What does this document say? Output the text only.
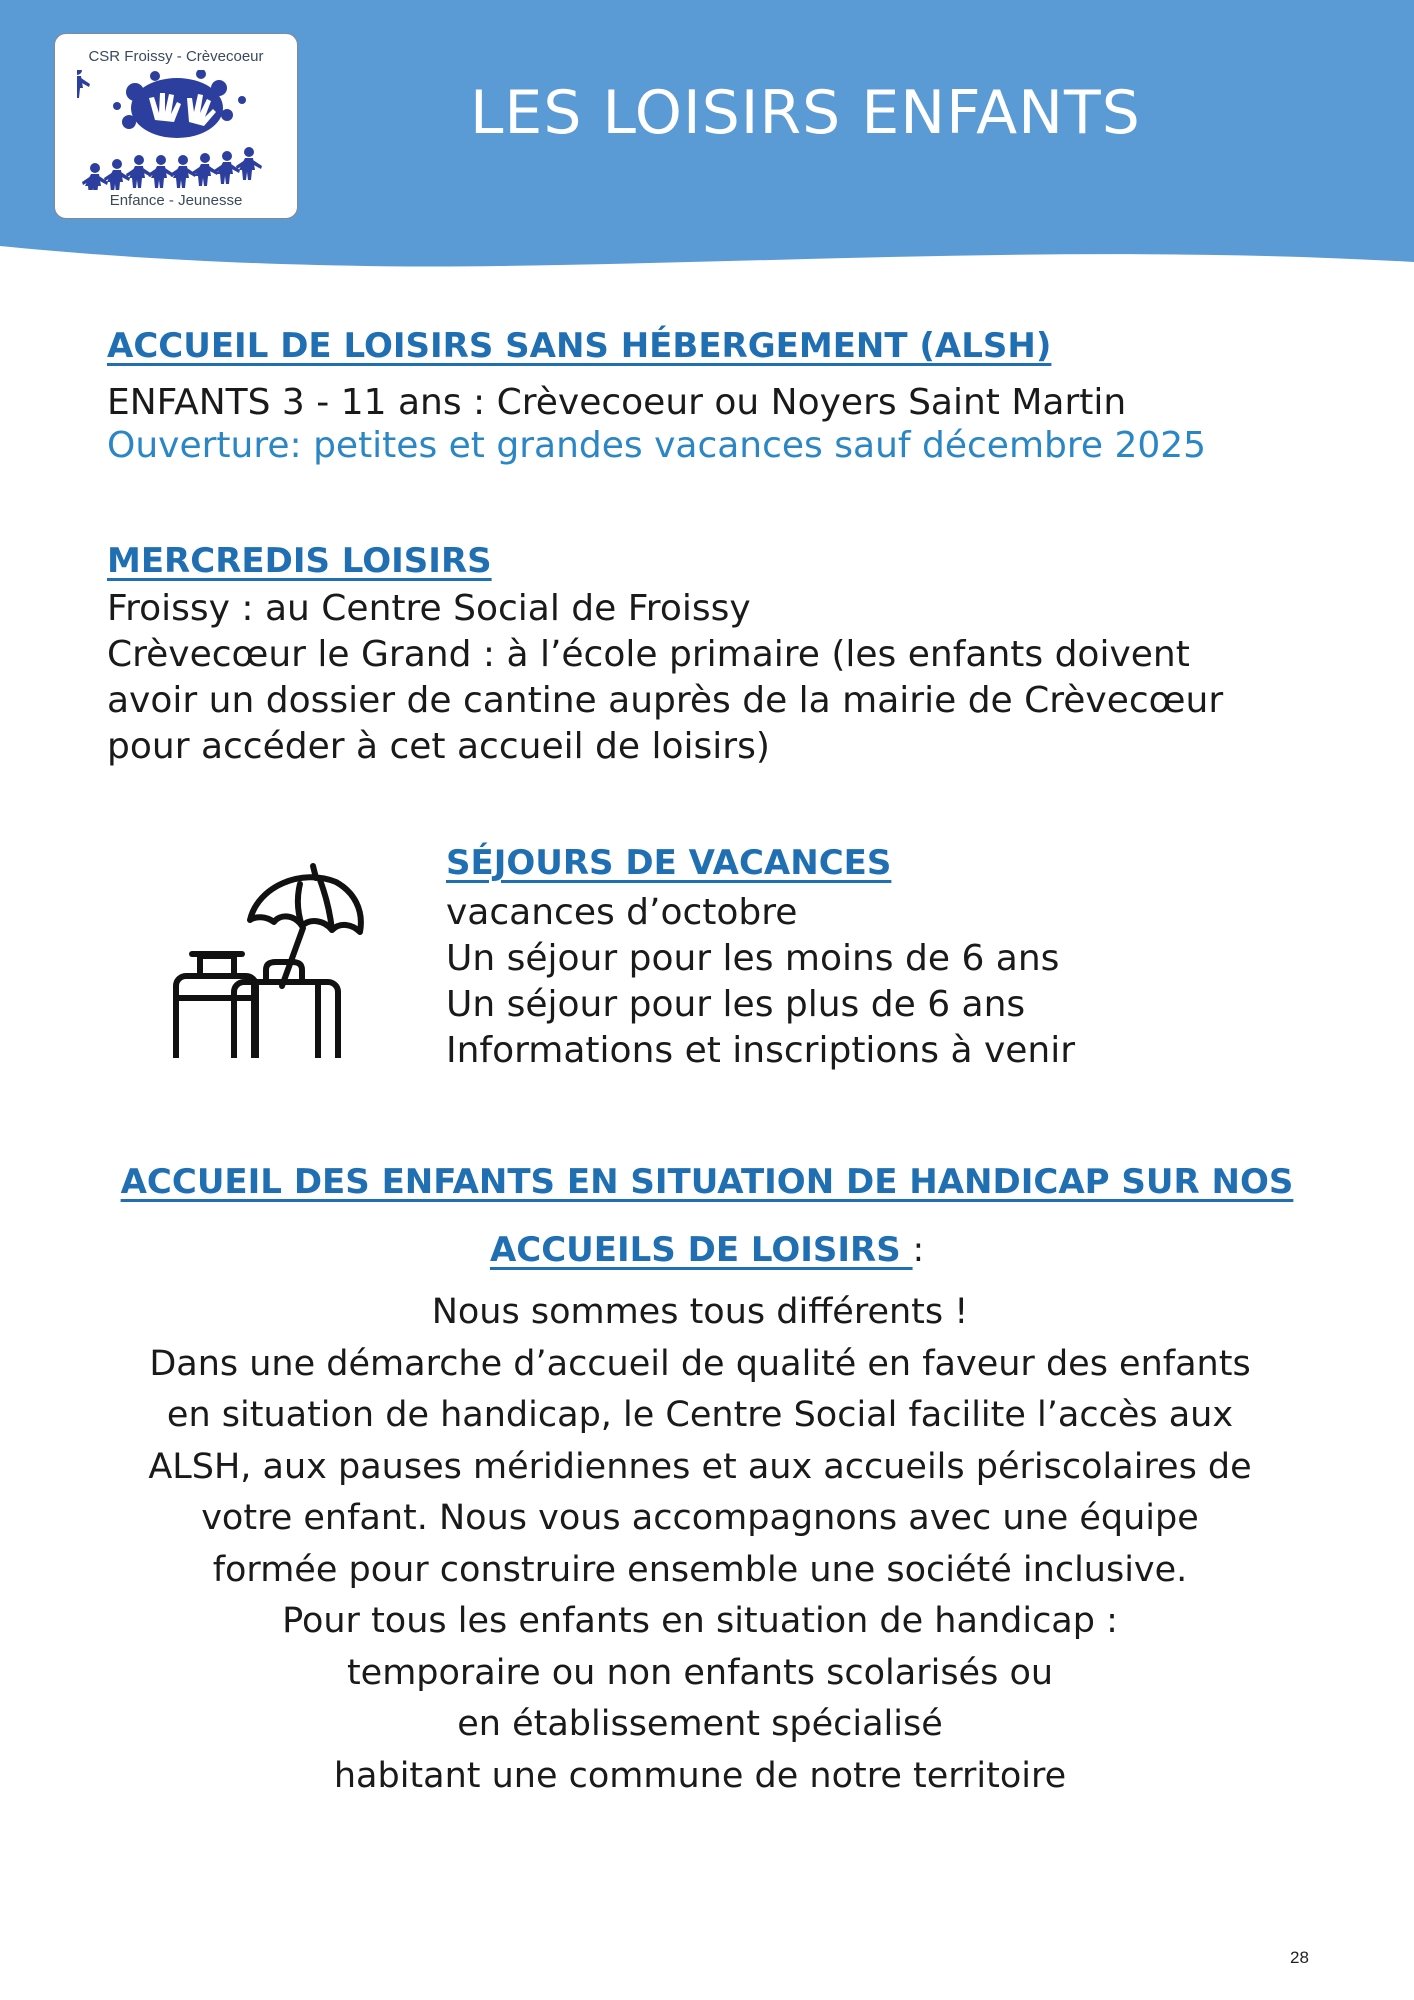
CSR Froissy - Crèvecoeur
Enfance - Jeunesse
LES LOISIRS ENFANTS
ACCUEIL DE LOISIRS SANS HÉBERGEMENT (ALSH)
ENFANTS 3 - 11 ans : Crèvecoeur ou Noyers Saint Martin
Ouverture: petites et grandes vacances sauf décembre 2025
MERCREDIS LOISIRS
Froissy : au Centre Social de Froissy
Crèvecœur le Grand : à l’école primaire (les enfants doivent
avoir un dossier de cantine auprès de la mairie de Crèvecœur
pour accéder à cet accueil de loisirs)
SÉJOURS DE VACANCES
vacances d’octobre
Un séjour pour les moins de 6 ans
Un séjour pour les plus de 6 ans
Informations et inscriptions à venir
ACCUEIL DES ENFANTS EN SITUATION DE HANDICAP SUR NOS
ACCUEILS DE LOISIRS :
Nous sommes tous différents !
Dans une démarche d’accueil de qualité en faveur des enfants
en situation de handicap, le Centre Social facilite l’accès aux
ALSH, aux pauses méridiennes et aux accueils périscolaires de
votre enfant. Nous vous accompagnons avec une équipe
formée pour construire ensemble une société inclusive.
Pour tous les enfants en situation de handicap :
temporaire ou non enfants scolarisés ou
en établissement spécialisé
habitant une commune de notre territoire
28
